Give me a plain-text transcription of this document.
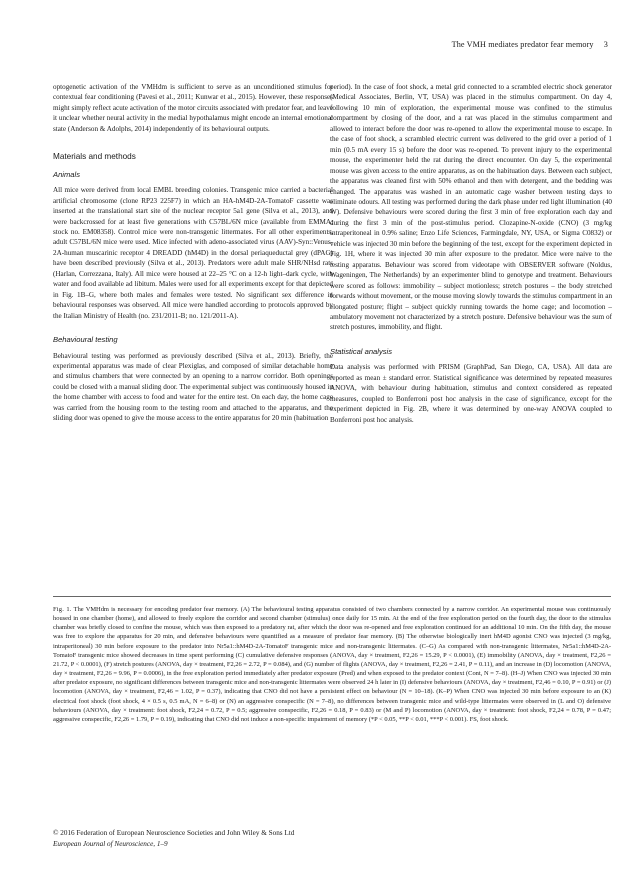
The VMH mediates predator fear memory 3

optogenetic activation of the VMHdm is sufficient to serve as an unconditioned stimulus for contextual fear conditioning (Pavesi et al., 2011; Kunwar et al., 2015). However, these responses might simply reflect acute activation of the motor circuits associated with predator fear, and leave it unclear whether neural activity in the medial hypothalamus might encode an internal emotional state (Anderson & Adolphs, 2014) independently of its behavioural outputs.

Materials and methods
Animals

All mice were derived from local EMBL breeding colonies. Transgenic mice carried a bacterial artificial chromosome (clone RP23 225F7) in which an HA-hM4D-2A-TomatoF cassette was inserted at the translational start site of the nuclear receptor 5a1 gene (Silva et al., 2013), and were backcrossed for at least five generations with C57BL/6N mice (available from EMMA; stock no. EM08358). Control mice were non-transgenic littermates. For all other experiments, adult C57BL/6N mice were used. Mice infected with adeno-associated virus (AAV)-Syn::Venus-2A-human muscarinic receptor 4 DREADD (hM4D) in the dorsal periaqueductal grey (dPAG) have been described previously (Silva et al., 2013). Predators were adult male SHR/NHsd rats (Harlan, Correzzana, Italy). All mice were housed at 22–25 °C on a 12-h light–dark cycle, with water and food available ad libitum. Males were used for all experiments except for that depicted in Fig. 1B–G, where both males and females were tested. No significant sex difference in behavioural responses was observed. All mice were handled according to protocols approved by the Italian Ministry of Health (no. 231/2011-B; no. 121/2011-A).

Behavioural testing

Behavioural testing was performed as previously described (Silva et al., 2013). Briefly, the experimental apparatus was made of clear Plexiglas, and composed of similar detachable home and stimulus chambers that were connected by an opening to a narrow corridor. Both openings could be closed with a manual sliding door. The experimental subject was continuously housed in the home chamber with access to food and water for the entire test. On each day, the home cage was carried from the housing room to the testing room and attached to the apparatus, and the sliding door was opened to give the mouse access to the entire apparatus for 20 min (habituation

period). In the case of foot shock, a metal grid connected to a scrambled electric shock generator (Medical Associates, Berlin, VT, USA) was placed in the stimulus compartment. On day 4, following 10 min of exploration, the experimental mouse was confined to the stimulus compartment by closing of the door, and a rat was placed in the stimulus compartment and allowed to interact before the door was re-opened to allow the experimental mouse to escape. In the case of foot shock, a scrambled electric current was delivered to the grid over a period of 1 min (0.5 mA every 15 s) before the door was re-opened. To prevent injury to the experimental mouse, the experimenter held the rat during the direct encounter. On day 5, the experimental mouse was given access to the entire apparatus, as on the habituation days. Between each subject, the apparatus was cleaned first with 50% ethanol and then with detergent, and the bedding was changed. The apparatus was washed in an automatic cage washer between testing days to eliminate odours. All testing was performed during the dark phase under red light illumination (40 W). Defensive behaviours were scored during the first 3 min of free exploration each day and during the first 3 min of the post-stimulus period. Clozapine-N-oxide (CNO) (3 mg/kg intraperitoneal in 0.9% saline; Enzo Life Sciences, Farmingdale, NY, USA, or Sigma C0832) or vehicle was injected 30 min before the beginning of the test, except for the experiment depicted in Fig. 1H, where it was injected 30 min after exposure to the predator. Mice were naive to the testing apparatus. Behaviour was scored from videotape with OBSERVER software (Noldus, Wageningen, The Netherlands) by an experimenter blind to genotype and treatment. Behaviours were scored as follows: immobility – subject motionless; stretch postures – the body stretched forwards without movement, or the mouse moving slowly towards the stimulus compartment in an elongated posture; flight – subject quickly running towards the home cage; and locomotion – ambulatory movement not characterized by a stretch posture. Defensive behaviour was the sum of stretch postures, immobility, and flight.

Statistical analysis

Data analysis was performed with PRISM (GraphPad, San Diego, CA, USA). All data are reported as mean ± standard error. Statistical significance was determined by repeated measures ANOVA, with behaviour during habituation, stimulus and context considered as repeated measures, coupled to Bonferroni post hoc analysis in the case of significance, except for the experiment depicted in Fig. 2B, where it was determined by one-way ANOVA coupled to Bonferroni post hoc analysis.

Fig. 1. The VMHdm is necessary for encoding predator fear memory. (A) The behavioural testing apparatus consisted of two chambers connected by a narrow corridor. An experimental mouse was continuously housed in one chamber (home), and allowed to freely explore the corridor and second chamber (stimulus) once daily for 15 min. At the end of the free exploration period on the fourth day, the door to the stimulus chamber was briefly closed to confine the mouse, which was then exposed to a predatory rat, after which the door was re-opened and free exploration continued for an additional 10 min. On the fifth day, the mouse was free to explore the apparatus for 20 min, and defensive behaviours were quantified as a measure of predator fear memory. (B) The otherwise biologically inert hM4D agonist CNO was injected (3 mg/kg, intraperitoneal) 30 min before exposure to the predator into Nr5a1::hM4D-2A-TomatoF transgenic mice and non-transgenic littermates. (C–G) As compared with non-transgenic littermates, Nr5a1::hM4D-2A-TomatoF transgenic mice showed decreases in time spent performing (C) cumulative defensive responses (ANOVA, day × treatment, F2,26 = 15.29, P < 0.0001), (E) immobility (ANOVA, day × treatment, F2,26 = 21.72, P < 0.0001), (F) stretch postures (ANOVA, day × treatment, F2,26 = 2.72, P = 0.084), and (G) number of flights (ANOVA, day × treatment, F2,26 = 2.41, P = 0.11), and an increase in (D) locomotion (ANOVA, day × treatment, F2,26 = 9.96, P = 0.0006), in the free exploration period immediately after predator exposure (Pred) and when exposed to the predator context (Cont, N = 7–8). (H–J) When CNO was injected 30 min after predator exposure, no significant differences between transgenic mice and non-transgenic littermates were observed 24 h later in (I) defensive behaviours (ANOVA, day × treatment, F2,46 = 0.10, P = 0.91) or (J) locomotion (ANOVA, day × treatment, F2,46 = 1.02, P = 0.37), indicating that CNO did not have a persistent effect on behaviour (N = 10–18). (K–P) When CNO was injected 30 min before exposure to an (K) electrical foot shock (foot shock, 4 × 0.5 s, 0.5 mA, N = 6–8) or (N) an aggressive conspecific (N = 7–8), no differences between transgenic mice and wild-type littermates were observed in (L and O) defensive behaviours (ANOVA, day × treatment: foot shock, F2,24 = 0.72, P = 0.5; aggressive conspecific, F2,26 = 0.18, P = 0.83) or (M and P) locomotion (ANOVA, day × treatment: foot shock, F2,24 = 0.78, P = 0.47; aggressive conspecific, F2,26 = 1.79, P = 0.19), indicating that CNO did not induce a non-specific impairment of memory (*P < 0.05, **P < 0.01, ***P < 0.001). FS, foot shock.
© 2016 Federation of European Neuroscience Societies and John Wiley & Sons Ltd
European Journal of Neuroscience, 1–9
